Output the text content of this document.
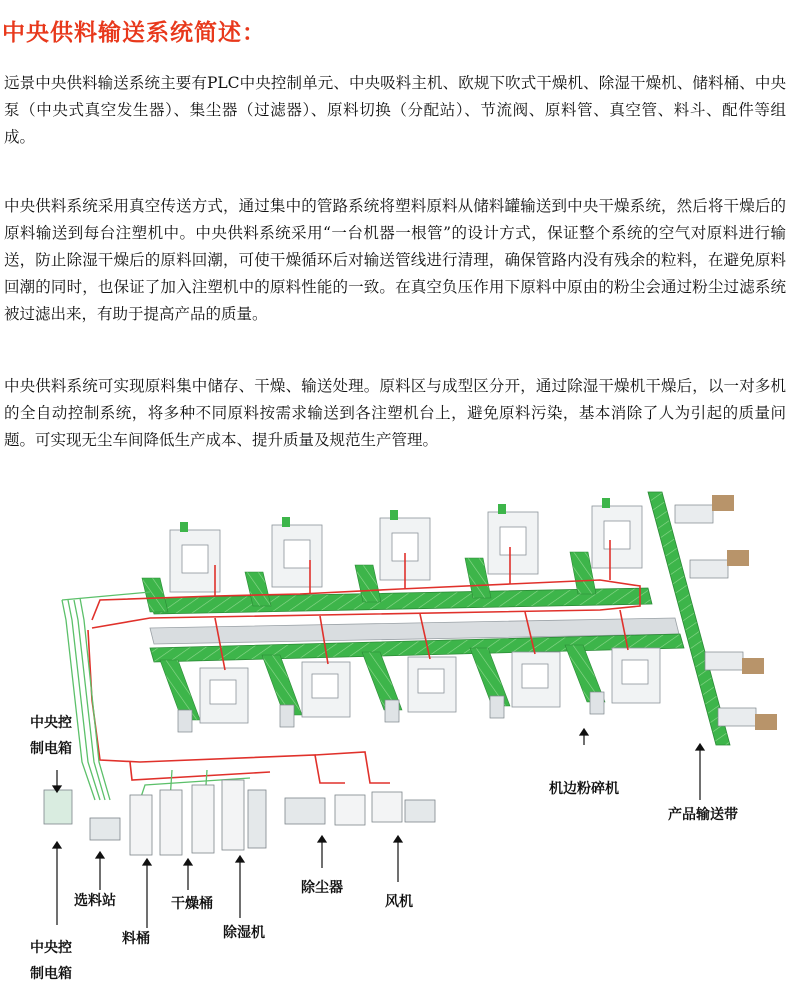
中央供料输送系统简述：

远景中央供料输送系统主要有PLC中央控制单元、中央吸料主机、欧规下吹式干燥机、除湿干燥机、储料桶、中央泵（中央式真空发生器）、集尘器（过滤器）、原料切换（分配站）、节流阀、原料管、真空管、料斗、配件等组成。

中央供料系统采用真空传送方式，通过集中的管路系统将塑料原料从储料罐输送到中央干燥系统，然后将干燥后的原料输送到每台注塑机中。中央供料系统采用“一台机器一根管”的设计方式，保证整个系统的空气对原料进行输送，防止除湿干燥后的原料回潮，可使干燥循环后对输送管线进行清理，确保管路内没有残余的粒料，在避免原料回潮的同时，也保证了加入注塑机中的原料性能的一致。在真空负压作用下原料中原由的粉尘会通过粉尘过滤系统被过滤出来，有助于提高产品的质量。

中央供料系统可实现原料集中储存、干燥、输送处理。原料区与成型区分开，通过除湿干燥机干燥后，以一对多机的全自动控制系统，将多种不同原料按需求输送到各注塑机台上，避免原料污染，基本消除了人为引起的质量问题。可实现无尘车间降低生产成本、提升质量及规范生产管理。

中央控
制电箱
机边粉碎机
产品输送带
除尘器
风机
选料站	干燥桶
料桶	除湿机
中央控
制电箱
